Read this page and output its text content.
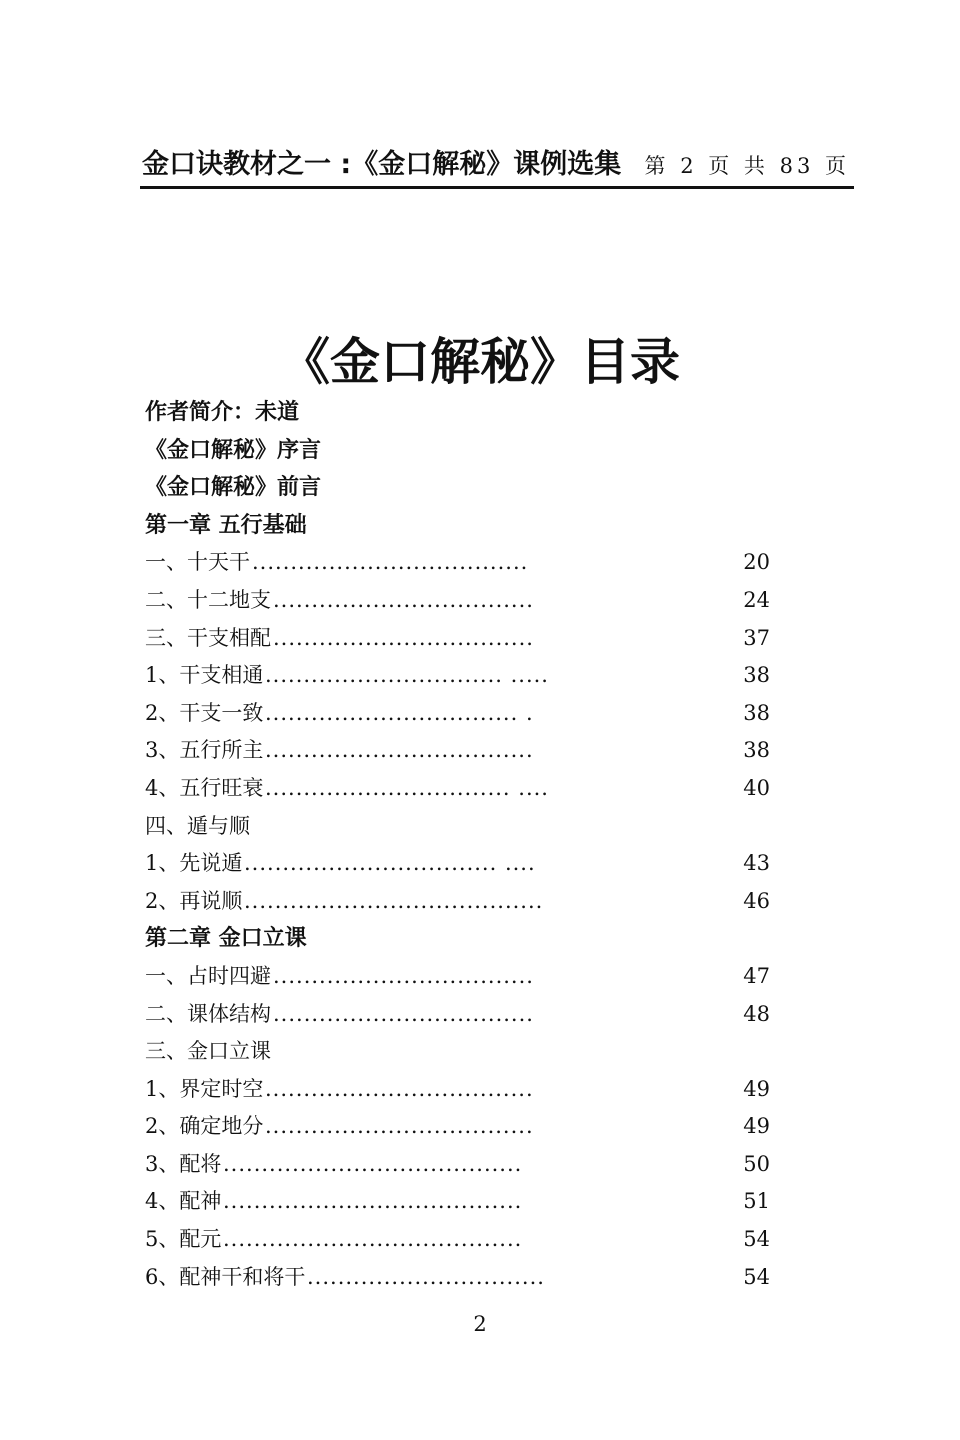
金口诀教材之一 :《金口解秘》课例选集 第 2 页 共 83 页
《金口解秘》目录
作者简介：未道
《金口解秘》序言
《金口解秘》前言
第一章 五行基础
一、十天干 ....................................	20
二、十二地支 ..................................	24
三、干支相配 ..................................	37
1、干支相通 ............................... .....	38
2、干支一致 ................................. .	38
3、五行所主 ...................................	38
4、五行旺衰 ................................ ....	40
四、遁与顺
1、先说遁 ................................. ....	43
2、再说顺 .......................................	46
第二章 金口立课
一、占时四避 ..................................	47
二、课体结构 ..................................	48
三、金口立课
1、界定时空 ...................................	49
2、确定地分 ...................................	49
3、配将 .......................................	50
4、配神 .......................................	51
5、配元 .......................................	54
6、配神干和将干 ...............................	54
2
